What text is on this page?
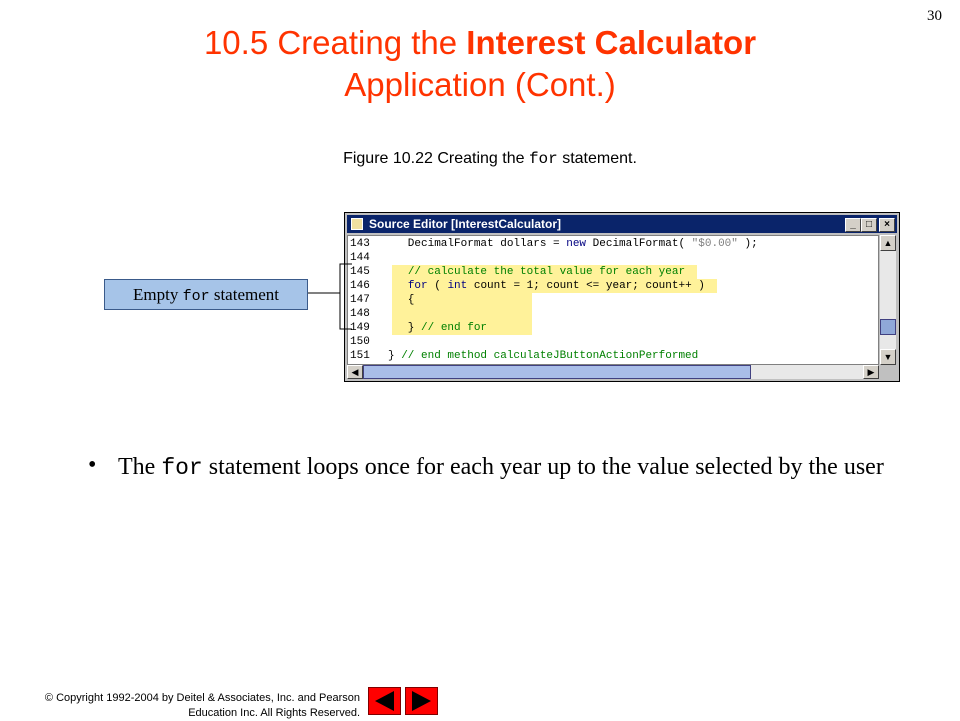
30
10.5 Creating the Interest Calculator
Application (Cont.)
Figure 10.22 Creating the for statement.
Source Editor [InterestCalculator]	_	□	×
143	DecimalFormat dollars = new DecimalFormat( "$0.00" );
144
145	// calculate the total value for each year
146	for ( int count = 1; count <= year; count++ )
147	{
148
149	} // end for
150
151	} // end method calculateJButtonActionPerformed
▲
▼
◀	▶
Empty for statement
• The for statement loops once for each year up to the value selected by the user
© Copyright 1992-2004 by Deitel & Associates, Inc. and Pearson
Education Inc. All Rights Reserved.
